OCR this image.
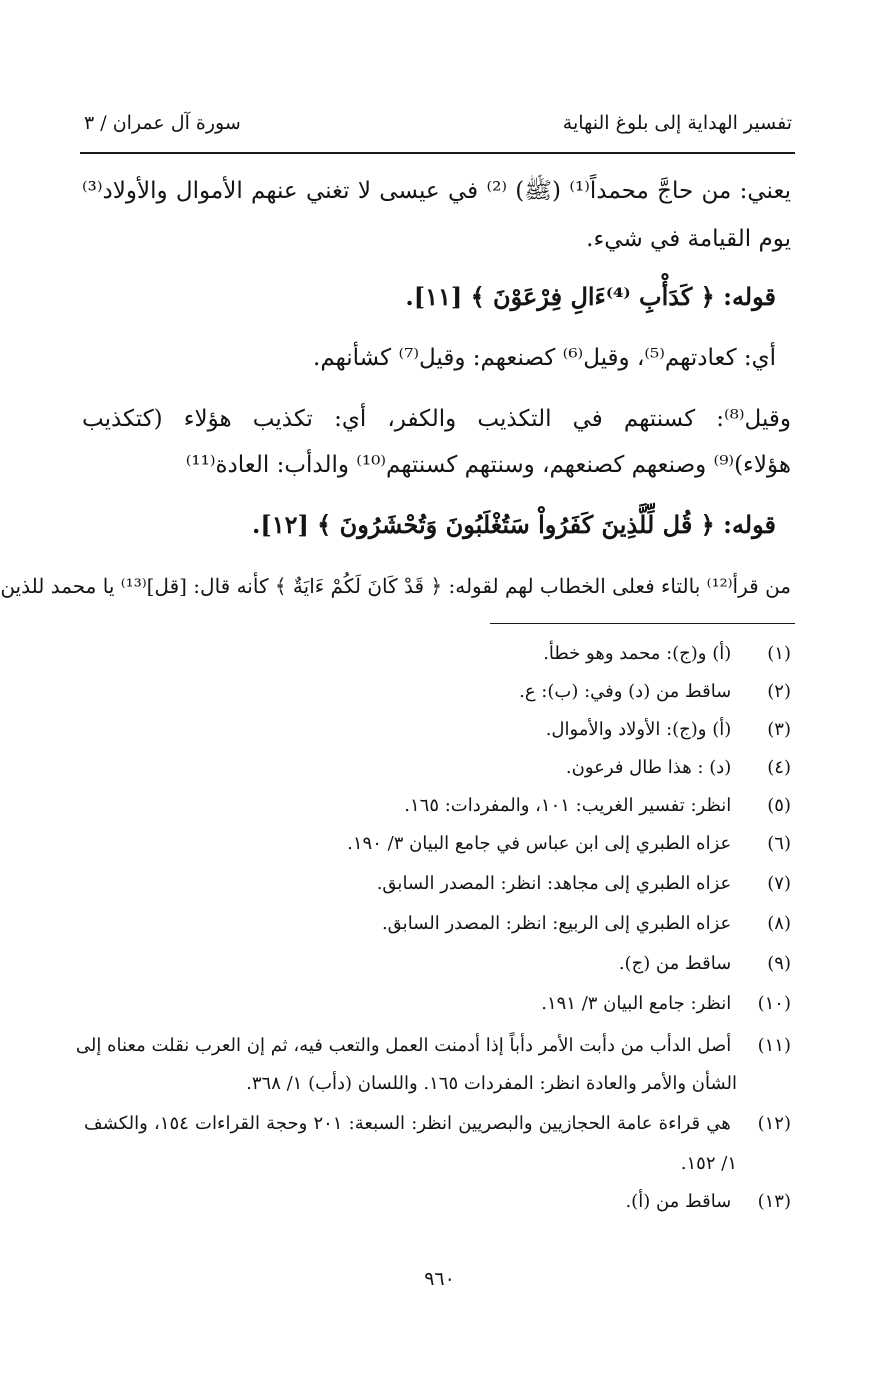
تفسير الهداية إلى بلوغ النهاية
سورة آل عمران / ٣
يعني: من حاجَّ محمداً⁽¹⁾ (ﷺ) ⁽²⁾ في عيسى لا تغني عنهم الأموال والأولاد⁽³⁾
يوم القيامة في شيء.
قوله: ﴿ كَدَأْبِ ⁽⁴⁾ءَالِ فِرْعَوْنَ ﴾ [١١].
أي: كعادتهم⁽⁵⁾، وقيل⁽⁶⁾ كصنعهم: وقيل⁽⁷⁾ كشأنهم.
وقيل⁽⁸⁾: كسنتهم في التكذيب والكفر، أي: تكذيب هؤلاء (كتكذيب
هؤلاء)⁽⁹⁾ وصنعهم كصنعهم، وسنتهم كسنتهم⁽¹⁰⁾ والدأب: العادة⁽¹¹⁾
قوله: ﴿ قُل لِّلَّذِينَ كَفَرُواْ سَتُغْلَبُونَ وَتُحْشَرُونَ ﴾ [١٢].
من قرأ⁽¹²⁾ بالتاء فعلى الخطاب لهم لقوله: ﴿ قَدْ كَانَ لَكُمْ ءَايَةٌ ﴾ كأنه قال: [قل]⁽¹³⁾ يا محمد للذين
(١) (أ) و(ج): محمد وهو خطأ.
(٢) ساقط من (د) وفي: (ب): ع.
(٣) (أ) و(ج): الأولاد والأموال.
(٤) (د) : هذا طال فرعون.
(٥) انظر: تفسير الغريب: ١٠١، والمفردات: ١٦٥.
(٦) عزاه الطبري إلى ابن عباس في جامع البيان ٣/ ١٩٠.
(٧) عزاه الطبري إلى مجاهد: انظر: المصدر السابق.
(٨) عزاه الطبري إلى الربيع: انظر: المصدر السابق.
(٩) ساقط من (ج).
(١٠) انظر: جامع البيان ٣/ ١٩١.
(١١) أصل الدأب من دأبت الأمر دأباً إذا أدمنت العمل والتعب فيه، ثم إن العرب نقلت معناه إلى
الشأن والأمر والعادة انظر: المفردات ١٦٥. واللسان (دأب) ١/ ٣٦٨.
(١٢) هي قراءة عامة الحجازيين والبصريين انظر: السبعة: ٢٠١ وحجة القراءات ١٥٤، والكشف
١/ ١٥٢.
(١٣) ساقط من (أ).
٩٦٠
